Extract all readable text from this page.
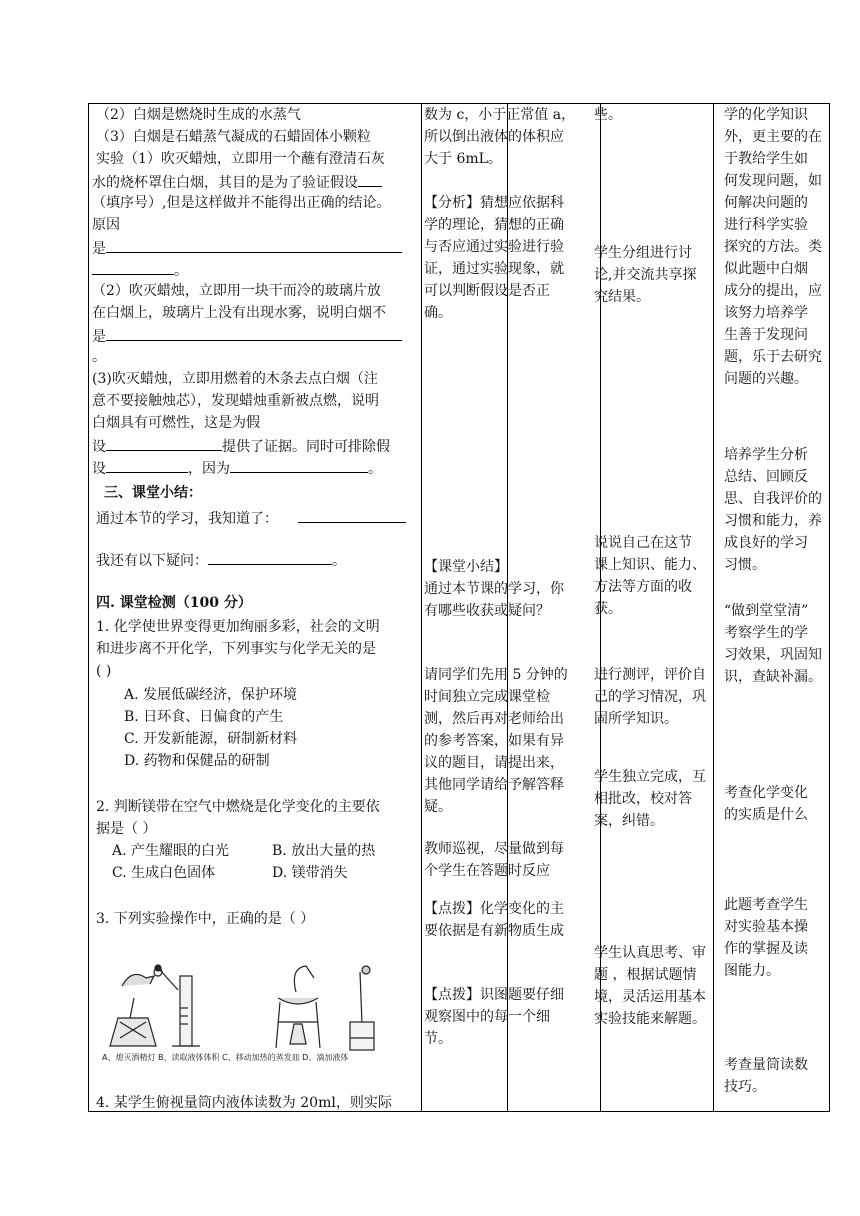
（2）白烟是燃烧时生成的水蒸气
（3）白烟是石蜡蒸气凝成的石蜡固体小颗粒
实验（1）吹灭蜡烛，立即用一个蘸有澄清石灰
水的烧杯罩住白烟，其目的是为了验证假设
（填序号）,但是这样做并不能得出正确的结论。
原因
是
。
（2）吹灭蜡烛，立即用一块干而冷的玻璃片放
在白烟上，玻璃片上没有出现水雾，说明白烟不
是
。
(3)吹灭蜡烛，立即用燃着的木条去点白烟（注
意不要接触烛芯），发现蜡烛重新被点燃，说明
白烟具有可燃性，这是为假
设	提供了证据。同时可排除假
设	，因为	。
三、课堂小结：
通过本节的学习，我知道了：
我还有以下疑问：	。
四. 课堂检测（100 分）
1. 化学使世界变得更加绚丽多彩，社会的文明
和进步离不开化学，下列事实与化学无关的是
( )
A. 发展低碳经济，保护环境
B. 日环食、日偏食的产生
C. 开发新能源，研制新材料
D. 药物和保健品的研制
2. 判断镁带在空气中燃烧是化学变化的主要依
据是（ ）
A. 产生耀眼的白光	B. 放出大量的热
C. 生成白色固体	D. 镁带消失
3. 下列实验操作中，正确的是（ ）
A、熄灭酒精灯 B、读取液体体积 C、移动加热的蒸发皿 D、滴加液体
4. 某学生俯视量筒内液体读数为 20ml，则实际
数为 c，小于正常值 a，
所以倒出液体的体积应
大于 6mL。
【分析】猜想应依据科
学的理论，猜想的正确
与否应通过实验进行验
证，通过实验现象，就
可以判断假设是否正
确。
【课堂小结】
通过本节课的学习，你
有哪些收获或疑问？
请同学们先用 5 分钟的
时间独立完成课堂检
测，然后再对老师给出
的参考答案，如果有异
议的题目，请提出来，
其他同学请给予解答释
疑。
教师巡视，尽量做到每
个学生在答题时反应
【点拨】化学变化的主
要依据是有新物质生成
【点拨】识图题要仔细
观察图中的每一个细
节。
些。
学生分组进行讨
论,并交流共享探
究结果。
说说自己在这节
课上知识、能力、
方法等方面的收
获。
进行测评，评价自
己的学习情况，巩
固所学知识。
学生独立完成，互
相批改，校对答
案，纠错。
学生认真思考、审
题 ，根据试题情
境，灵活运用基本
实验技能来解题。
学的化学知识
外，更主要的在
于教给学生如
何发现问题，如
何解决问题的
进行科学实验
探究的方法。类
似此题中白烟
成分的提出，应
该努力培养学
生善于发现问
题，乐于去研究
问题的兴趣。
培养学生分析
总结、回顾反
思、自我评价的
习惯和能力，养
成良好的学习
习惯。
“做到堂堂清”
考察学生的学
习效果，巩固知
识，查缺补漏。
考查化学变化
的实质是什么
此题考查学生
对实验基本操
作的掌握及读
图能力。
考查量筒读数
技巧。
